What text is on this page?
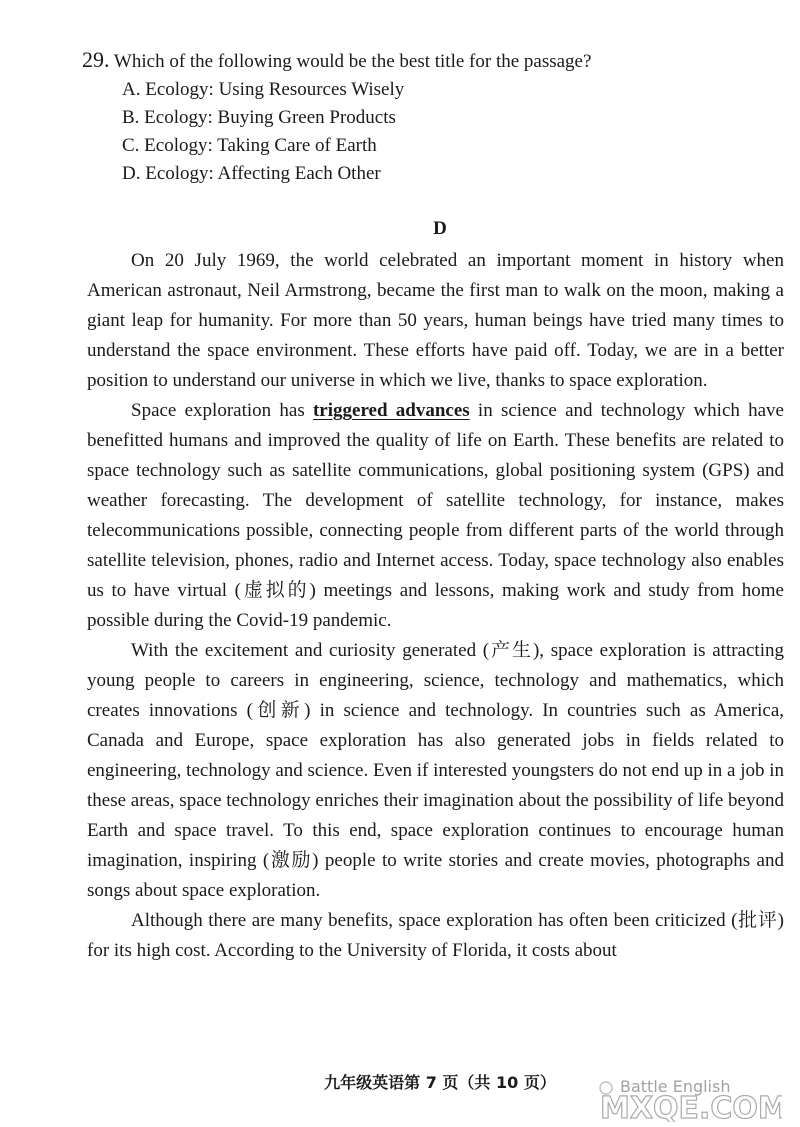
29. Which of the following would be the best title for the passage?
A. Ecology: Using Resources Wisely
B. Ecology: Buying Green Products
C. Ecology: Taking Care of Earth
D. Ecology: Affecting Each Other
D

On 20 July 1969, the world celebrated an important moment in history when American astronaut, Neil Armstrong, became the first man to walk on the moon, making a giant leap for humanity. For more than 50 years, human beings have tried many times to understand the space environment. These efforts have paid off. Today, we are in a better position to understand our universe in which we live, thanks to space exploration.

Space exploration has triggered advances in science and technology which have benefitted humans and improved the quality of life on Earth. These benefits are related to space technology such as satellite communications, global positioning system (GPS) and weather forecasting. The development of satellite technology, for instance, makes telecommunications possible, connecting people from different parts of the world through satellite television, phones, radio and Internet access. Today, space technology also enables us to have virtual (虚拟的) meetings and lessons, making work and study from home possible during the Covid-19 pandemic.

With the excitement and curiosity generated (产生), space exploration is attracting young people to careers in engineering, science, technology and mathematics, which creates innovations (创新) in science and technology. In countries such as America, Canada and Europe, space exploration has also generated jobs in fields related to engineering, technology and science. Even if interested youngsters do not end up in a job in these areas, space technology enriches their imagination about the possibility of life beyond Earth and space travel. To this end, space exploration continues to encourage human imagination, inspiring (激励) people to write stories and create movies, photographs and songs about space exploration.

Although there are many benefits, space exploration has often been criticized (批评) for its high cost. According to the University of Florida, it costs about

九年级英语第 7 页（共 10 页）	Battle English
MXQE.COM
